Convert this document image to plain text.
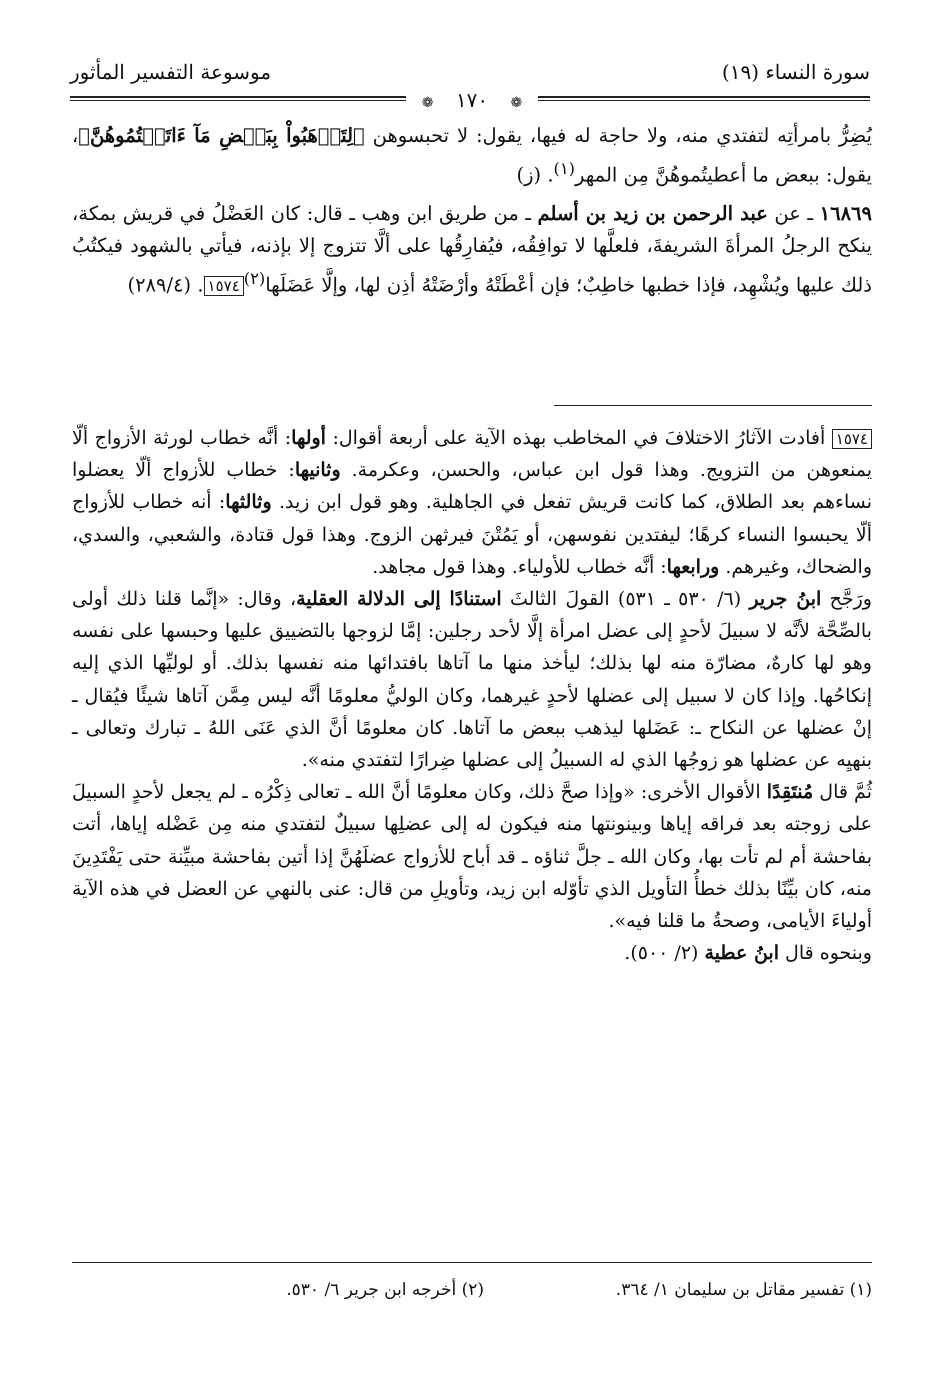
سورة النساء (١٩)
موسوعة التفسير المأثور
❁ ١٧٠ ❁

يُضِرُّ بامرأتِه لتفتدي منه، ولا حاجة له فيها، يقول: لا تحبسوهن ﴿لِتَذۡهَبُواْ بِبَعۡضِ مَآ ءَاتَيۡتُمُوهُنَّ﴾، يقول: ببعض ما أعطيتُموهُنَّ مِن المهر$^{(١)}$. (ز)

١٦٨٦٩ ـ عن عبد الرحمن بن زيد بن أسلم ـ من طريق ابن وهب ـ قال: كان العَضْلُ في قريش بمكة، ينكح الرجلُ المرأةَ الشريفةَ، فلعلَّها لا توافِقُه، فيُفارِقُها على ألَّا تتزوج إلا بإذنه، فيأتي بالشهود فيكتُبُ ذلك عليها ويُشْهِد، فإذا خطبها خاطِبٌ؛ فإن أعْطَتْهُ وأرْضَتْهُ أذِن لها، وإلَّا عَضَلَها$^{(٢)}$١٥٧٤. (٢٨٩/٤)

١٥٧٤ أفادت الآثارُ الاختلافَ في المخاطب بهذه الآية على أربعة أقوال: أولها: أنَّه خطاب لورثة الأزواج ألّا يمنعوهن من التزويج. وهذا قول ابن عباس، والحسن، وعكرمة. وثانيها: خطاب للأزواج ألّا يعضلوا نساءهم بعد الطلاق، كما كانت قريش تفعل في الجاهلية. وهو قول ابن زيد. وثالثها: أنه خطاب للأزواج ألّا يحبسوا النساء كرهًا؛ ليفتدين نفوسهن، أو يَمُتْنَ فيرثهن الزوج. وهذا قول قتادة، والشعبي، والسدي، والضحاك، وغيرهم. ورابعها: أنَّه خطاب للأولياء. وهذا قول مجاهد.

ورَجَّح ابنُ جرير (٦/ ٥٣٠ ـ ٥٣١) القولَ الثالثَ استنادًا إلى الدلالة العقلية، وقال: «إنَّما قلنا ذلك أولى بالصِّحَّة لأنَّه لا سبيلَ لأحدٍ إلى عضل امرأة إلَّا لأحد رجلين: إمَّا لزوجها بالتضييق عليها وحبسها على نفسه وهو لها كارهٌ، مضارّة منه لها بذلك؛ ليأخذ منها ما آتاها بافتدائها منه نفسها بذلك. أو لوليِّها الذي إليه إنكاحُها. وإذا كان لا سبيل إلى عضلها لأحدٍ غيرهما، وكان الوليُّ معلومًا أنَّه ليس مِمَّن آتاها شيئًا فيُقال ـ إنْ عضلها عن النكاح ـ: عَضَلها ليذهب ببعض ما آتاها. كان معلومًا أنَّ الذي عَنَى اللهُ ـ تبارك وتعالى ـ بنهيِه عن عضلها هو زوجُها الذي له السبيلُ إلى عضلها ضِرارًا لتفتدي منه».

ثُمَّ قال مُنتَقِدًا الأقوال الأخرى: «وإذا صحَّ ذلك، وكان معلومًا أنَّ الله ـ تعالى ذِكْرُه ـ لم يجعل لأحدٍ السبيلَ على زوجته بعد فراقه إياها وبينونتها منه فيكون له إلى عضلِها سبيلٌ لتفتدي منه مِن عَضْله إياها، أتت بفاحشة أم لم تأت بها، وكان الله ـ جلَّ ثناؤه ـ قد أباح للأزواج عضلَهُنَّ إذا أتين بفاحشة مبيِّنة حتى يَفْتَدِينَ منه، كان بيِّنًا بذلك خطأُ التأويل الذي تأوّله ابن زيد، وتأويلِ من قال: عنى بالنهي عن العضل في هذه الآية أولياءَ الأيامى، وصحةُ ما قلنا فيه».

وبنحوه قال ابنُ عطية (٢/ ٥٠٠).

(١) تفسير مقاتل بن سليمان ١/ ٣٦٤.
(٢) أخرجه ابن جرير ٦/ ٥٣٠.
